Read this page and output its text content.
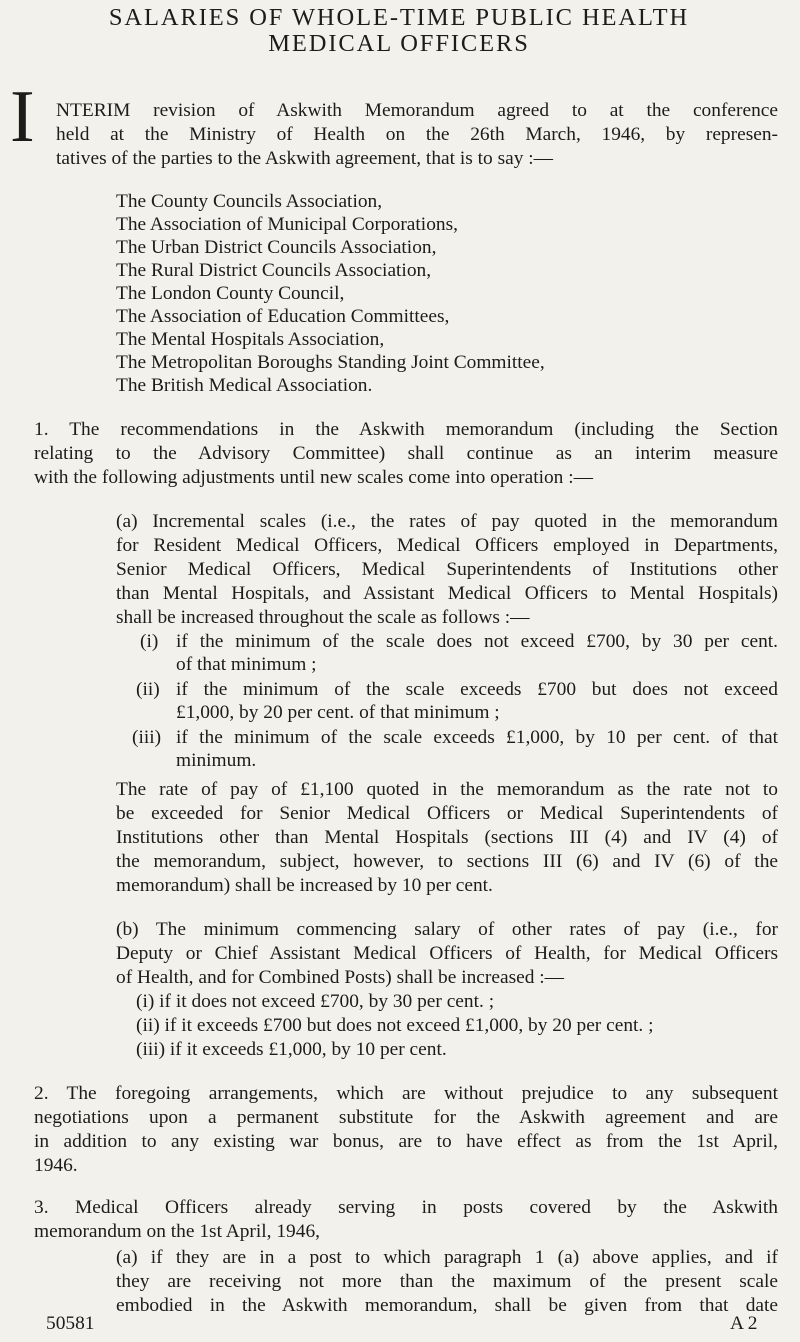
SALARIES OF WHOLE-TIME PUBLIC HEALTH
MEDICAL OFFICERS
I NTERIM revision of Askwith Memorandum agreed to at the conference
held at the Ministry of Health on the 26th March, 1946, by represen-
tatives of the parties to the Askwith agreement, that is to say :—
The County Councils Association,
The Association of Municipal Corporations,
The Urban District Councils Association,
The Rural District Councils Association,
The London County Council,
The Association of Education Committees,
The Mental Hospitals Association,
The Metropolitan Boroughs Standing Joint Committee,
The British Medical Association.
1. The recommendations in the Askwith memorandum (including the Section
relating to the Advisory Committee) shall continue as an interim measure
with the following adjustments until new scales come into operation :—
(a) Incremental scales (i.e., the rates of pay quoted in the memorandum
for Resident Medical Officers, Medical Officers employed in Departments,
Senior Medical Officers, Medical Superintendents of Institutions other
than Mental Hospitals, and Assistant Medical Officers to Mental Hospitals)
shall be increased throughout the scale as follows :—
(i) if the minimum of the scale does not exceed £700, by 30 per cent.
of that minimum ;
(ii) if the minimum of the scale exceeds £700 but does not exceed
£1,000, by 20 per cent. of that minimum ;
(iii) if the minimum of the scale exceeds £1,000, by 10 per cent. of that
minimum.
The rate of pay of £1,100 quoted in the memorandum as the rate not to
be exceeded for Senior Medical Officers or Medical Superintendents of
Institutions other than Mental Hospitals (sections III (4) and IV (4) of
the memorandum, subject, however, to sections III (6) and IV (6) of the
memorandum) shall be increased by 10 per cent.
(b) The minimum commencing salary of other rates of pay (i.e., for
Deputy or Chief Assistant Medical Officers of Health, for Medical Officers
of Health, and for Combined Posts) shall be increased :—
(i) if it does not exceed £700, by 30 per cent. ;
(ii) if it exceeds £700 but does not exceed £1,000, by 20 per cent. ;
(iii) if it exceeds £1,000, by 10 per cent.
2. The foregoing arrangements, which are without prejudice to any subsequent
negotiations upon a permanent substitute for the Askwith agreement and are
in addition to any existing war bonus, are to have effect as from the 1st April,
1946.
3. Medical Officers already serving in posts covered by the Askwith
memorandum on the 1st April, 1946,
(a) if they are in a post to which paragraph 1 (a) above applies, and if
they are receiving not more than the maximum of the present scale
embodied in the Askwith memorandum, shall be given from that date
50581	A 2
